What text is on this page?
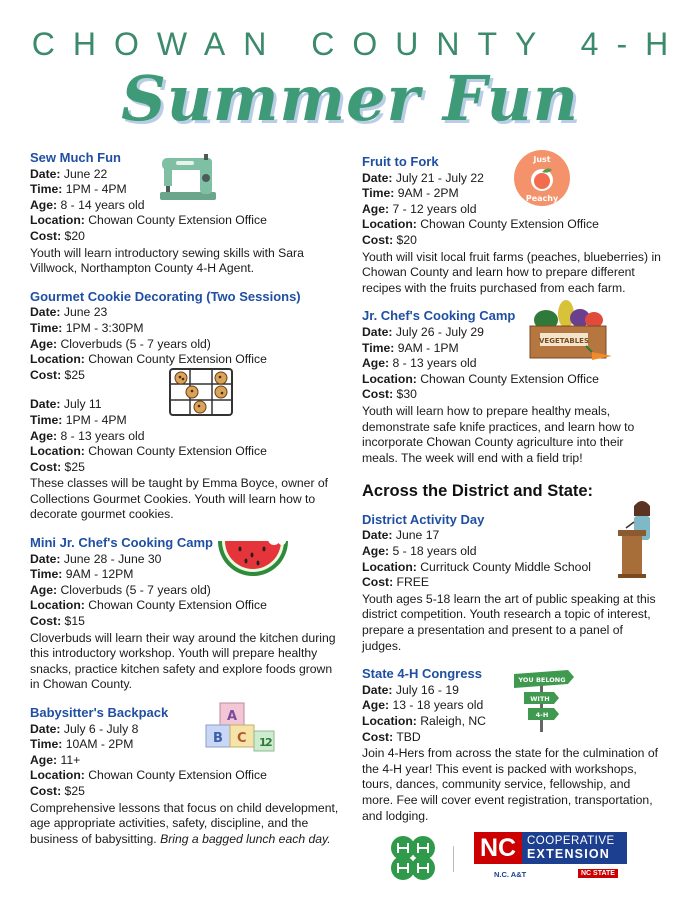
CHOWAN COUNTY 4-H
Summer Fun
Sew Much Fun
Date: June 22
Time: 1PM - 4PM
Age: 8 - 14 years old
Location: Chowan County Extension Office
Cost: $20
Youth will learn introductory sewing skills with Sara Villwock, Northampton County 4-H Agent.
Gourmet Cookie Decorating (Two Sessions)
Date: June 23
Time: 1PM - 3:30PM
Age: Cloverbuds (5 - 7 years old)
Location: Chowan County Extension Office
Cost: $25
Date: July 11
Time: 1PM - 4PM
Age: 8 - 13 years old
Location: Chowan County Extension Office
Cost: $25
These classes will be taught by Emma Boyce, owner of Collections Gourmet Cookies. Youth will learn how to decorate gourmet cookies.
Mini Jr. Chef's Cooking Camp
Date: June 28 - June 30
Time: 9AM - 12PM
Age: Cloverbuds (5 - 7 years old)
Location: Chowan County Extension Office
Cost: $15
Cloverbuds will learn their way around the kitchen during this introductory workshop. Youth will prepare healthy snacks, practice kitchen safety and explore foods grown in Chowan County.
Babysitter's Backpack
Date: July 6 - July 8
Time: 10AM - 2PM
Age: 11+
Location: Chowan County Extension Office
Cost: $25
Comprehensive lessons that focus on child development, age appropriate activities, safety, discipline, and the business of babysitting. Bring a bagged lunch each day.
A
B C 1
2
Fruit to Fork
Date: July 21 - July 22
Time: 9AM - 2PM
Age: 7 - 12 years old
Location: Chowan County Extension Office
Cost: $20
Youth will visit local fruit farms (peaches, blueberries) in Chowan County and learn how to prepare different recipes with the fruits purchased from each farm.
Just
Peachy
Jr. Chef's Cooking Camp
Date: July 26 - July 29
Time: 9AM - 1PM
Age: 8 - 13 years old
Location: Chowan County Extension Office
Cost: $30
Youth will learn how to prepare healthy meals, demonstrate safe knife practices, and learn how to incorporate Chowan County agriculture into their meals. The week will end with a field trip!
VEGETABLES
Across the District and State:
District Activity Day
Date: June 17
Age: 5 - 18 years old
Location: Currituck County Middle School
Cost: FREE
Youth ages 5-18 learn the art of public speaking at this district competition. Youth research a topic of interest, prepare a presentation and present to a panel of judges.
State 4-H Congress
Date: July 16 - 19
Age: 13 - 18 years old
Location: Raleigh, NC
Cost: TBD
Join 4-Hers from across the state for the culmination of the 4-H year! This event is packed with workshops, tours, dances, community service, fellowship, and more. Fee will cover event registration, transportation, and lodging.
YOU BELONG
WITH
4-H
NC COOPERATIVE
EXTENSION
N.C. A&T	NC STATE
